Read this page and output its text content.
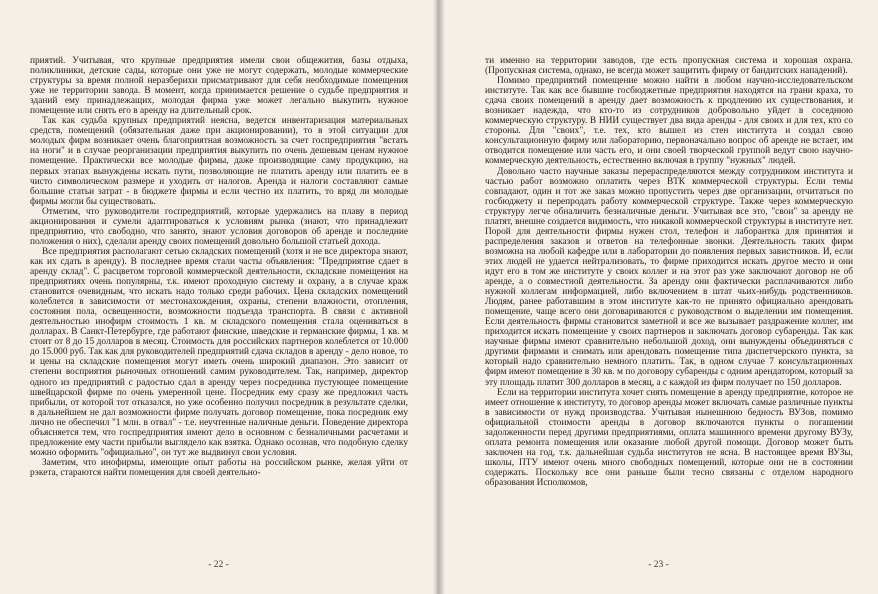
приятий. Учитывая, что крупные предприятия имели свои общежития, базы отдыха, поликлиники, детские сады, которые они уже не могут содержать, молодые коммерческие структуры за время полной неразберихи присматривают для себя необходимые помещения уже не территории завода. В момент, когда принимается решение о судьбе предприятия и зданий ему принадлежащих, молодая фирма уже может легально выкупить нужное помещение или снять его в аренду на длительный срок.

Так как судьба крупных предприятий неясна, ведется инвентаризация материальных средств, помещений (обязательная даже при акционировании), то в этой ситуации для молодых фирм возникает очень благоприятная возможность за счет госпредприятия "встать на ноги" и в случае реорганизации предприятия выкупить по очень дешевым ценам нужное помещение. Практически все молодые фирмы, даже производящие саму продукцию, на первых этапах вынуждены искать пути, позволяющие не платить аренду или платить ее в чисто символическом размере и уходить от налогов. Аренда и налоги составляют самые большие статьи затрат - в бюджете фирмы и если честно их платить, то вряд ли молодые фирмы могли бы существовать.

Отметим, что руководители госпредприятий, которые удержались на плаву в период акционирования и сумели адаптироваться к условиям рынка (знают, что принадлежит предприятию, что свободно, что занято, знают условия договоров об аренде и последние положения о них), сделали аренду своих помещений довольно большой статьей дохода.

Все предприятия располагают сетью складских помещений (хотя и не все директора знают, как их сдать в аренду). В последнее время стали часты объявления: "Предприятие сдает в аренду склад". С расцветом торговой коммерческой деятельности, складские помещения на предприятиях очень популярны, т.к. имеют проходную систему и охрану, а в случае краж становится очевидным, что искать надо только среди рабочих. Цена складских помещений колеблется в зависимости от местонахождения, охраны, степени влажности, отопления, состояния пола, освещенности, возможности подъезда транспорта. В связи с активной деятельностью инофирм стоимость 1 кв. м складского помещения стала оцениваться в долларах. В Санкт-Петербурге, где работают финские, шведские и германские фирмы, 1 кв. м стоит от 8 до 15 долларов в месяц. Стоимость для российских партнеров колеблется от 10.000 до 15.000 руб. Так как для руководителей предприятий сдача складов в аренду - дело новое, то и цены на складские помещения могут иметь очень широкий диапазон. Это зависит от степени восприятия рыночных отношений самим руководителем. Так, например, директор одного из предприятий с радостью сдал в аренду через посредника пустующее помещение швейцарской фирме по очень умеренной цене. Посредник ему сразу же предложил часть прибыли, от которой тот отказался, но уже особенно получил посредник в результате сделки, в дальнейшем не дал возможности фирме получать договор помещение, пока посредник ему лично не обеспечил "1 млн. в отвал" - т.е. неучтенные наличные деньги. Поведение директора объясняется тем, что госпредприятия имеют дело в основном с безналичными расчетами и предложение ему части прибыли выглядело как взятка. Однако осознав, что подобную сделку можно оформить "официально", он тут же выдвинул свои условия.

Заметим, что инофирмы, имеющие опыт работы на российском рынке, желая уйти от рэкета, стараются найти помещения для своей деятельно-

- 22 -

ти именно на территории заводов, где есть пропускная система и хорошая охрана. (Пропускная система, однако, не всегда может защитить фирму от бандитских нападений).

Помимо предприятий помещение можно найти в любом научно-исследовательском институте. Так как все бывшие госбюджетные предприятия находятся на грани краха, то сдача своих помещений в аренду дает возможность к продлению их существования, и возникает надежда, что кто-то из сотрудников добровольно уйдет в соседнюю коммерческую структуру. В НИИ существует два вида аренды - для своих и для тех, кто со стороны. Для "своих", т.е. тех, кто вышел из стен института и создал свою консультационную фирму или лабораторию, первоначально вопрос об аренде не встает, им отводится помещение или часть его, и они своей творческой группой ведут свою научно-коммерческую деятельность, естественно включая в группу "нужных" людей.

Довольно часто научные заказы перераспределяются между сотрудником института и частью работ возможно оплатить через ВТК коммерческой структуры. Если темы совпадают, один и тот же заказ можно пропустить через две организации, отчитаться по госбюджету и перепродать работу коммерческой структуре. Также через коммерческую структуру легче обналичить безналичные деньги. Учитывая все это, "свои" за аренду не платят, внешне создается видимость, что никакой коммерческой структуры в институте нет. Порой для деятельности фирмы нужен стол, телефон и лаборантка для принятия и распределения заказов и ответов на телефонные звонки. Деятельность таких фирм возможна на любой кафедре или в лаборатории до появления первых завистников. И, если этих людей не удается нейтрализовать, то фирме приходится искать другое место и они идут его в том же институте у своих коллег и на этот раз уже заключают договор не об аренде, а о совместной деятельности. За аренду они фактически расплачиваются либо нужной коллегам информацией, либо включением в штат чьих-нибудь родственников. Людям, ранее работавшим в этом институте как-то не принято официально арендовать помещение, чаще всего они договариваются с руководством о выделении им помещения. Если деятельность фирмы становится заметной и все же вызывает раздражение коллег, им приходится искать помещение у своих партнеров и заключать договор субаренды. Так как научные фирмы имеют сравнительно небольшой доход, они вынуждены объединяться с другими фирмами и снимать или арендовать помещение типа диспетчерского пункта, за который надо сравнительно немного платить. Так, в одном случае 7 консультационных фирм имеют помещение в 30 кв. м по договору субаренды с одним арендатором, который за эту площадь платит 300 долларов в месяц, а с каждой из фирм получает по 150 долларов.

Если на территории института хочет снять помещение в аренду предприятие, которое не имеет отношение к институту, то договор аренды может включать самые различные пункты в зависимости от нужд производства. Учитывая нынешнюю бедность ВУЗов, помимо официальной стоимости аренды в договор включаются пункты о погашении задолженности перед другими предприятиями, оплата машинного времени другому ВУЗу, оплата ремонта помещения или оказание любой другой помощи. Договор может быть заключен на год, т.к. дальнейшая судьба институтов не ясна. В настоящее время ВУЗы, школы, ПТУ имеют очень много свободных помещений, которые они не в состоянии содержать. Поскольку все они раньше были тесно связаны с отделом народного образования Исполкомов,

- 23 -
